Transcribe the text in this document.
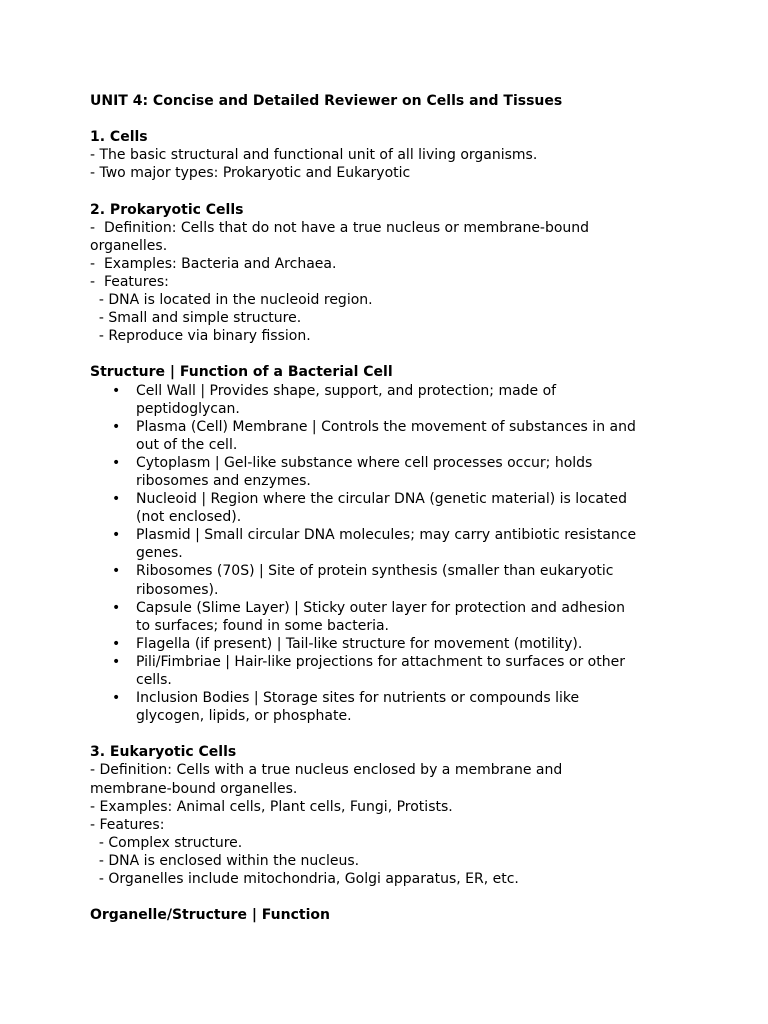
UNIT 4: Concise and Detailed Reviewer on Cells and Tissues
1. Cells
- The basic structural and functional unit of all living organisms.
- Two major types: Prokaryotic and Eukaryotic
2. Prokaryotic Cells
-  Definition: Cells that do not have a true nucleus or membrane-bound
organelles.
-  Examples: Bacteria and Archaea.
-  Features:
- DNA is located in the nucleoid region.
- Small and simple structure.
- Reproduce via binary fission.
Structure | Function of a Bacterial Cell
• Cell Wall | Provides shape, support, and protection; made of
peptidoglycan.
• Plasma (Cell) Membrane | Controls the movement of substances in and
out of the cell.
• Cytoplasm | Gel-like substance where cell processes occur; holds
ribosomes and enzymes.
• Nucleoid | Region where the circular DNA (genetic material) is located
(not enclosed).
• Plasmid | Small circular DNA molecules; may carry antibiotic resistance
genes.
• Ribosomes (70S) | Site of protein synthesis (smaller than eukaryotic
ribosomes).
• Capsule (Slime Layer) | Sticky outer layer for protection and adhesion
to surfaces; found in some bacteria.
• Flagella (if present) | Tail-like structure for movement (motility).
• Pili/Fimbriae | Hair-like projections for attachment to surfaces or other
cells.
• Inclusion Bodies | Storage sites for nutrients or compounds like
glycogen, lipids, or phosphate.
3. Eukaryotic Cells
- Definition: Cells with a true nucleus enclosed by a membrane and
membrane-bound organelles.
- Examples: Animal cells, Plant cells, Fungi, Protists.
- Features:
- Complex structure.
- DNA is enclosed within the nucleus.
- Organelles include mitochondria, Golgi apparatus, ER, etc.
Organelle/Structure | Function
